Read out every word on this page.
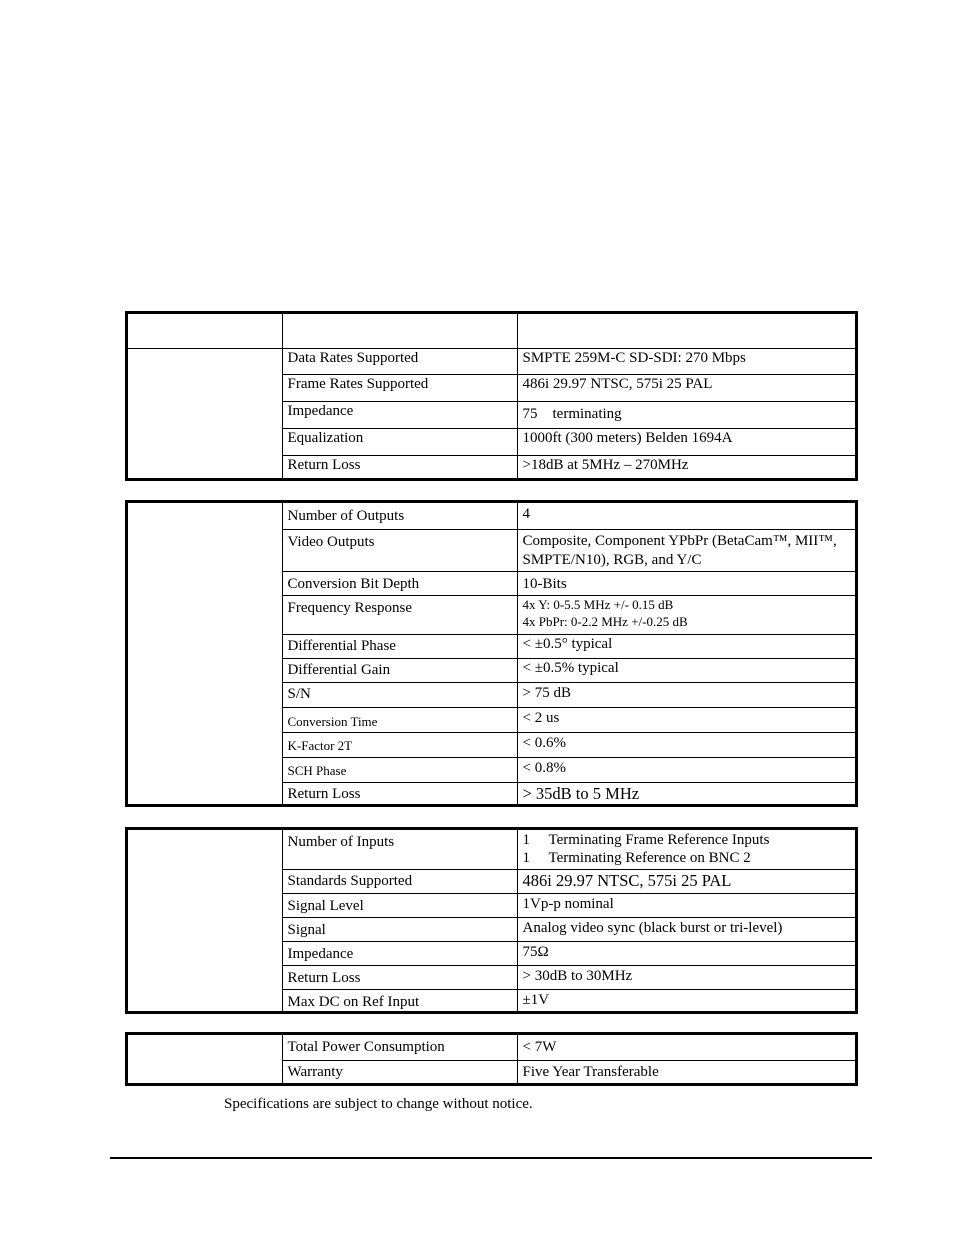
	Data Rates Supported	SMPTE 259M-C SD-SDI: 270 Mbps
	Frame Rates Supported	486i 29.97 NTSC, 575i 25 PAL
	Impedance	75    terminating
	Equalization	1000ft (300 meters) Belden 1694A
	Return Loss	>18dB at 5MHz – 270MHz
	Number of Outputs	4
	Video Outputs	Composite, Component YPbPr (BetaCam™, MII™, SMPTE/N10), RGB, and Y/C
	Conversion Bit Depth	10-Bits
	Frequency Response	4x Y: 0-5.5 MHz +/- 0.15 dB
4x PbPr: 0-2.2 MHz +/-0.25 dB

	Differential Phase	< ±0.5° typical
	Differential Gain	< ±0.5% typical
	S/N	> 75 dB
	Conversion Time	< 2 us
	K-Factor 2T	< 0.6%
	SCH Phase	< 0.8%
	Return Loss	> 35dB to 5 MHz
	Number of Inputs	1     Terminating Frame Reference Inputs
1     Terminating Reference on BNC 2

	Standards Supported	486i 29.97 NTSC, 575i 25 PAL
	Signal Level	1Vp-p nominal
	Signal	Analog video sync (black burst or tri-level)
	Impedance	75Ω
	Return Loss	> 30dB to 30MHz
	Max DC on Ref Input	±1V
	Total Power Consumption	< 7W
	Warranty	Five Year Transferable
Specifications are subject to change without notice.
